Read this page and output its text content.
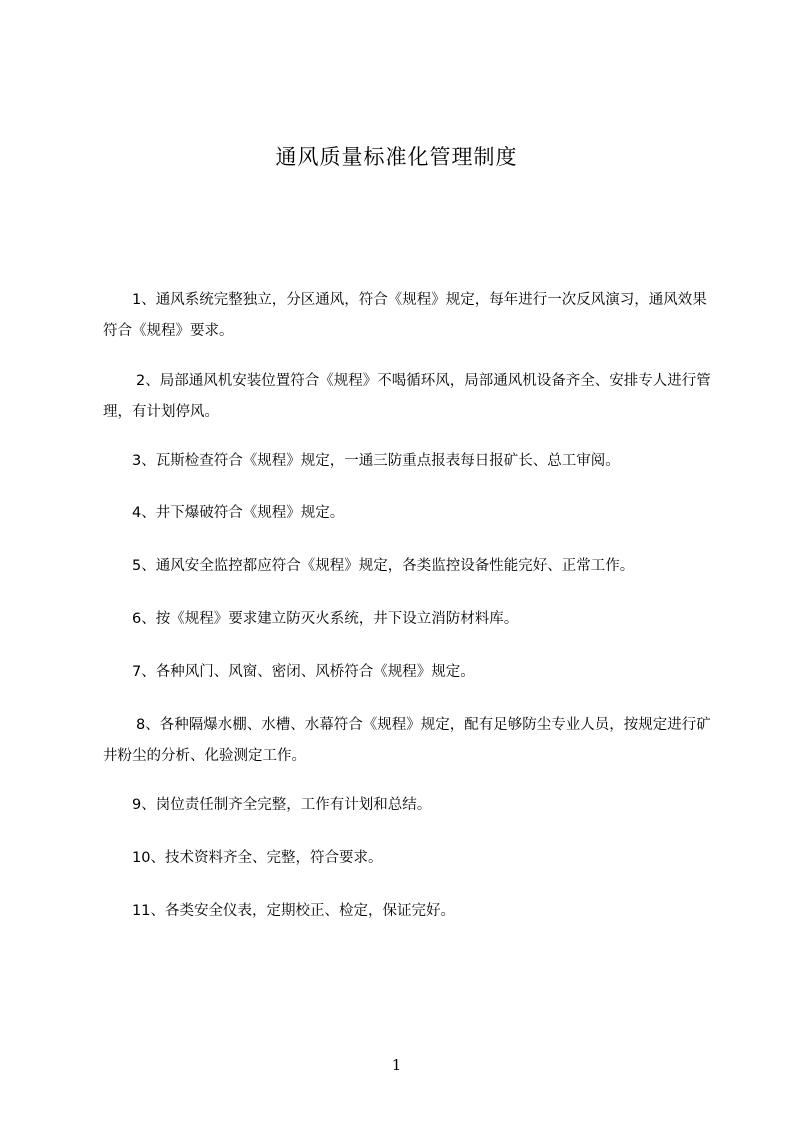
通风质量标准化管理制度

1、通风系统完整独立，分区通风，符合《规程》规定，每年进行一次反风演习，通风效果符合《规程》要求。

2、局部通风机安装位置符合《规程》不喝循环风，局部通风机设备齐全、安排专人进行管理，有计划停风。

3、瓦斯检查符合《规程》规定，一通三防重点报表每日报矿长、总工审阅。

4、井下爆破符合《规程》规定。

5、通风安全监控都应符合《规程》规定，各类监控设备性能完好、正常工作。

6、按《规程》要求建立防灭火系统，井下设立消防材料库。

7、各种风门、风窗、密闭、风桥符合《规程》规定。

8、各种隔爆水棚、水槽、水幕符合《规程》规定，配有足够防尘专业人员，按规定进行矿井粉尘的分析、化验测定工作。

9、岗位责任制齐全完整，工作有计划和总结。

10、技术资料齐全、完整，符合要求。

11、各类安全仪表，定期校正、检定，保证完好。

1
